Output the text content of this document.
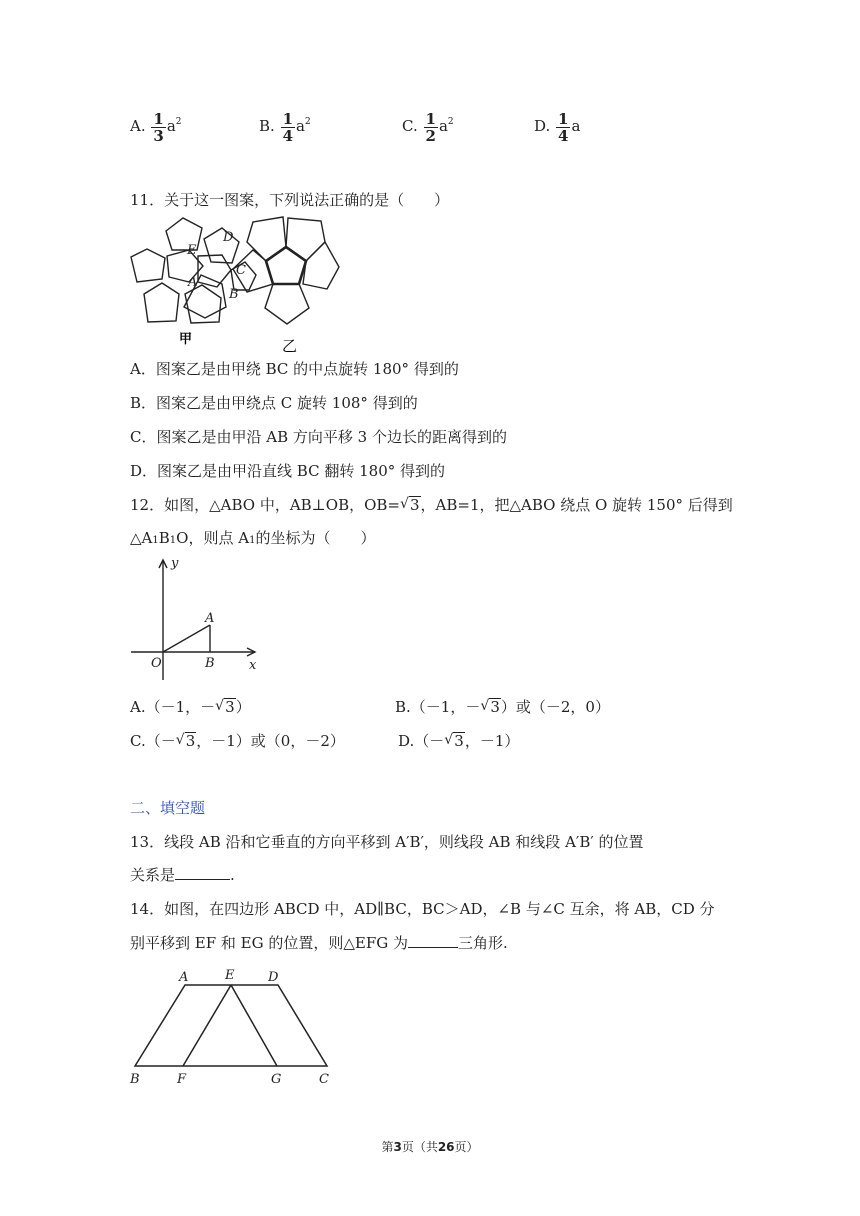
A. $\frac{1}{3} a^2$	B. $\frac{1}{4} a^2$	C. $\frac{1}{2} a^2$	D. $\frac{1}{4}$ a
11．关于这一图案，下列说法正确的是（　　）
E
D
A
B
C
甲	乙
A．图案乙是由甲绕 BC 的中点旋转 180° 得到的
B．图案乙是由甲绕点 C 旋转 108° 得到的
C．图案乙是由甲沿 AB 方向平移 3 个边长的距离得到的
D．图案乙是由甲沿直线 BC 翻转 180° 得到的
12．如图，△ABO 中，AB⊥OB，OB= √ 3，AB=1，把△ABO 绕点 O 旋转 150° 后得到
$\triangle A_1B_1O$，则点 $A_1$的坐标为（　　）
y
x
O
A
B
A.（－1，－ √ 3）	B.（－1，－ √ 3）或（－2，0）
C.（－ √ 3，－1）或（0，－2）	D.（－ √ 3，－1）
二、填空题
13．线段 AB 沿和它垂直的方向平移到 A′B′，则线段 AB 和线段 A′B′ 的位置
关系是	.
14．如图，在四边形 ABCD 中，AD∥BC，BC＞AD，∠B 与∠C 互余，将 AB，CD 分
别平移到 EF 和 EG 的位置，则△EFG 为	三角形.
A	E	D
B	F	G	C
第3页（共26页）
